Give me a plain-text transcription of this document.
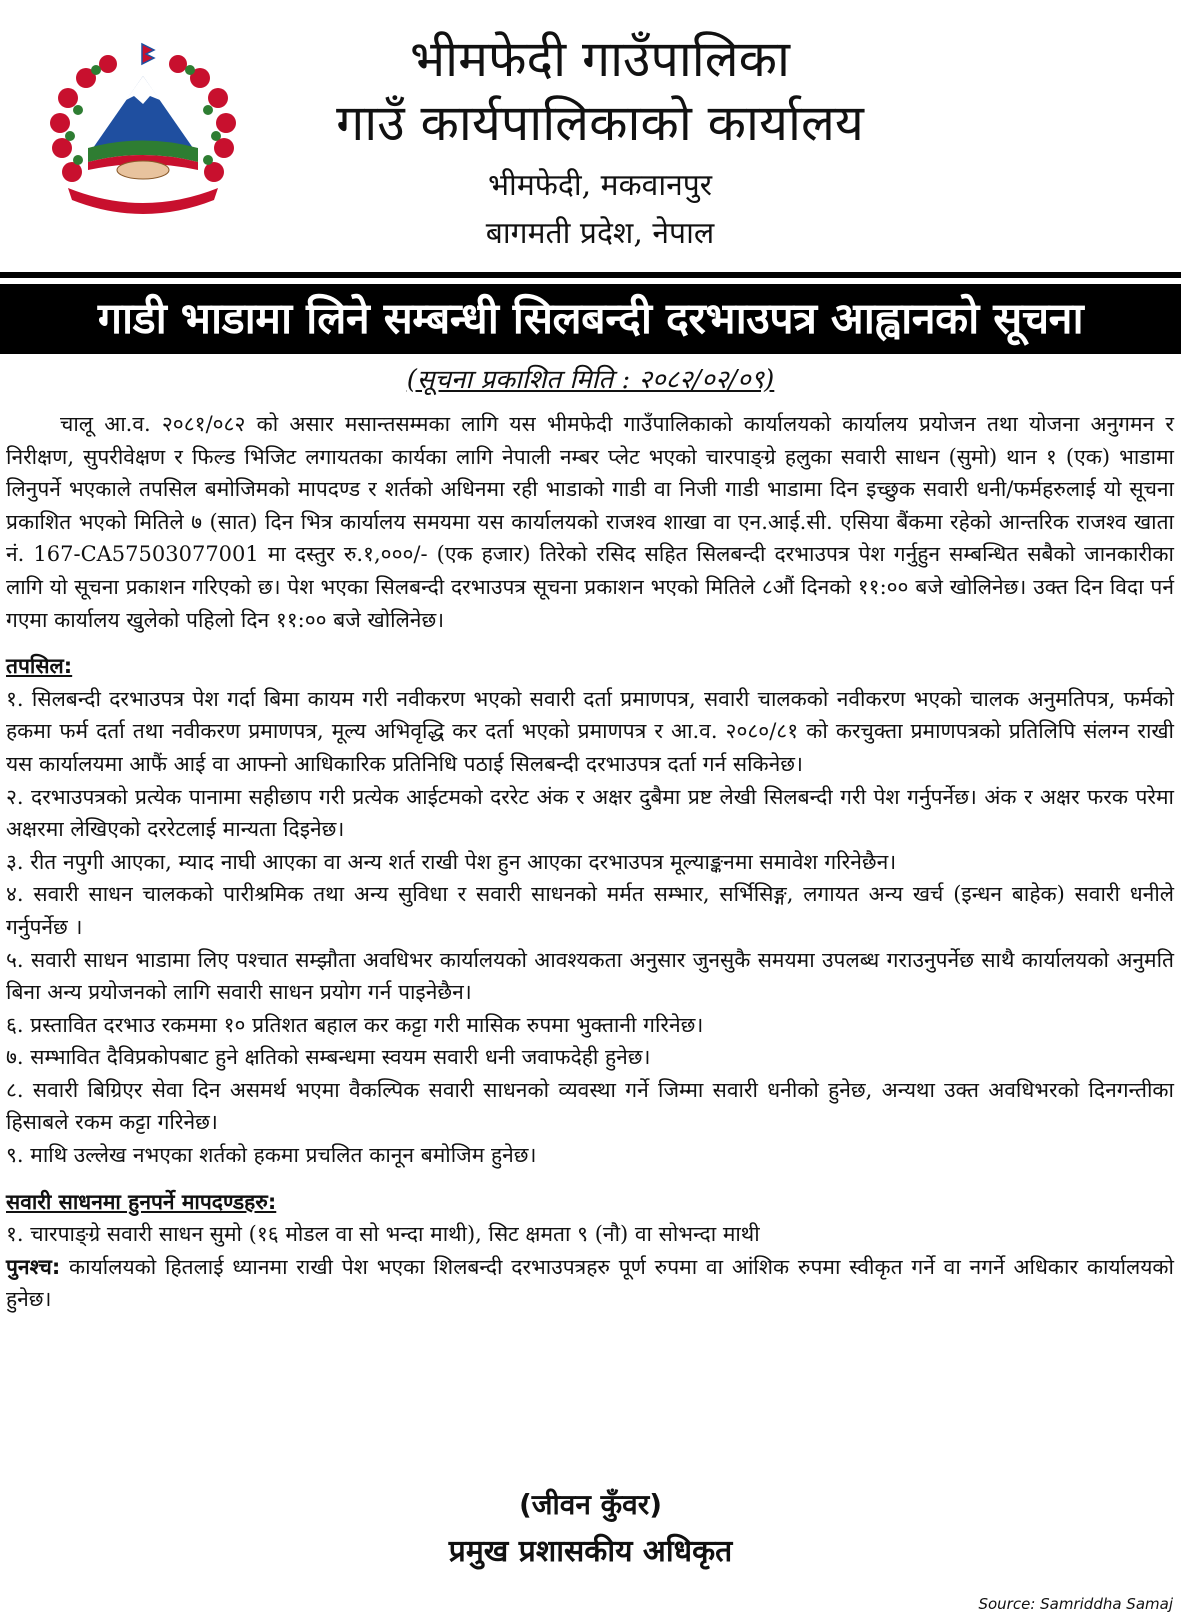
भीमफेदी गाउँपालिका
गाउँ कार्यपालिकाको कार्यालय
भीमफेदी, मकवानपुर
बागमती प्रदेश, नेपाल
गाडी भाडामा लिने सम्बन्धी सिलबन्दी दरभाउपत्र आह्वानको सूचना
(सूचना प्रकाशित मिति : २०८२/०२/०९)

चालू आ.व. २०८१/०८२ को असार मसान्तसम्मका लागि यस भीमफेदी गाउँपालिकाको कार्यालयको कार्यालय प्रयोजन तथा योजना अनुगमन र निरीक्षण, सुपरीवेक्षण र फिल्ड भिजिट लगायतका कार्यका लागि नेपाली नम्बर प्लेट भएको चारपाङ्ग्रे हलुका सवारी साधन (सुमो) थान १ (एक) भाडामा लिनुपर्ने भएकाले तपसिल बमोजिमको मापदण्ड र शर्तको अधिनमा रही भाडाको गाडी वा निजी गाडी भाडामा दिन इच्छुक सवारी धनी/फर्महरुलाई यो सूचना प्रकाशित भएको मितिले ७ (सात) दिन भित्र कार्यालय समयमा यस कार्यालयको राजश्व शाखा वा एन.आई.सी. एसिया बैंकमा रहेको आन्तरिक राजश्व खाता नं. 167-CA57503077001 मा दस्तुर रु.१,०००/- (एक हजार) तिरेको रसिद सहित सिलबन्दी दरभाउपत्र पेश गर्नुहुन सम्बन्धित सबैको जानकारीका लागि यो सूचना प्रकाशन गरिएको छ। पेश भएका सिलबन्दी दरभाउपत्र सूचना प्रकाशन भएको मितिले ८औं दिनको ११:०० बजे खोलिनेछ। उक्त दिन विदा पर्न गएमा कार्यालय खुलेको पहिलो दिन ११:०० बजे खोलिनेछ।

तपसिल:

१. सिलबन्दी दरभाउपत्र पेश गर्दा बिमा कायम गरी नवीकरण भएको सवारी दर्ता प्रमाणपत्र, सवारी चालकको नवीकरण भएको चालक अनुमतिपत्र, फर्मको हकमा फर्म दर्ता तथा नवीकरण प्रमाणपत्र, मूल्य अभिवृद्धि कर दर्ता भएको प्रमाणपत्र र आ.व. २०८०/८१ को करचुक्ता प्रमाणपत्रको प्रतिलिपि संलग्न राखी यस कार्यालयमा आफैं आई वा आफ्नो आधिकारिक प्रतिनिधि पठाई सिलबन्दी दरभाउपत्र दर्ता गर्न सकिनेछ।

२. दरभाउपत्रको प्रत्येक पानामा सहीछाप गरी प्रत्येक आईटमको दररेट अंक र अक्षर दुबैमा प्रष्ट लेखी सिलबन्दी गरी पेश गर्नुपर्नेछ। अंक र अक्षर फरक परेमा अक्षरमा लेखिएको दररेटलाई मान्यता दिइनेछ।

३. रीत नपुगी आएका, म्याद नाघी आएका वा अन्य शर्त राखी पेश हुन आएका दरभाउपत्र मूल्याङ्कनमा समावेश गरिनेछैन।

४. सवारी साधन चालकको पारीश्रमिक तथा अन्य सुविधा र सवारी साधनको मर्मत सम्भार, सर्भिसिङ्ग, लगायत अन्य खर्च (इन्धन बाहेक) सवारी धनीले गर्नुपर्नेछ ।

५. सवारी साधन भाडामा लिए पश्चात सम्झौता अवधिभर कार्यालयको आवश्यकता अनुसार जुनसुकै समयमा उपलब्ध गराउनुपर्नेछ साथै कार्यालयको अनुमति बिना अन्य प्रयोजनको लागि सवारी साधन प्रयोग गर्न पाइनेछैन।

६. प्रस्तावित दरभाउ रकममा १० प्रतिशत बहाल कर कट्टा गरी मासिक रुपमा भुक्तानी गरिनेछ।

७. सम्भावित दैविप्रकोपबाट हुने क्षतिको सम्बन्धमा स्वयम सवारी धनी जवाफदेही हुनेछ।

८. सवारी बिग्रिएर सेवा दिन असमर्थ भएमा वैकल्पिक सवारी साधनको व्यवस्था गर्ने जिम्मा सवारी धनीको हुनेछ, अन्यथा उक्त अवधिभरको दिनगन्तीका हिसाबले रकम कट्टा गरिनेछ।

९. माथि उल्लेख नभएका शर्तको हकमा प्रचलित कानून बमोजिम हुनेछ।

सवारी साधनमा हुनपर्ने मापदण्डहरु:

१. चारपाङ्ग्रे सवारी साधन सुमो (१६ मोडल वा सो भन्दा माथी), सिट क्षमता ९ (नौ) वा सोभन्दा माथी

पुनश्च: कार्यालयको हितलाई ध्यानमा राखी पेश भएका शिलबन्दी दरभाउपत्रहरु पूर्ण रुपमा वा आंशिक रुपमा स्वीकृत गर्ने वा नगर्ने अधिकार कार्यालयको हुनेछ।

(जीवन कुँवर)
प्रमुख प्रशासकीय अधिकृत
Source: Samriddha Samaj
